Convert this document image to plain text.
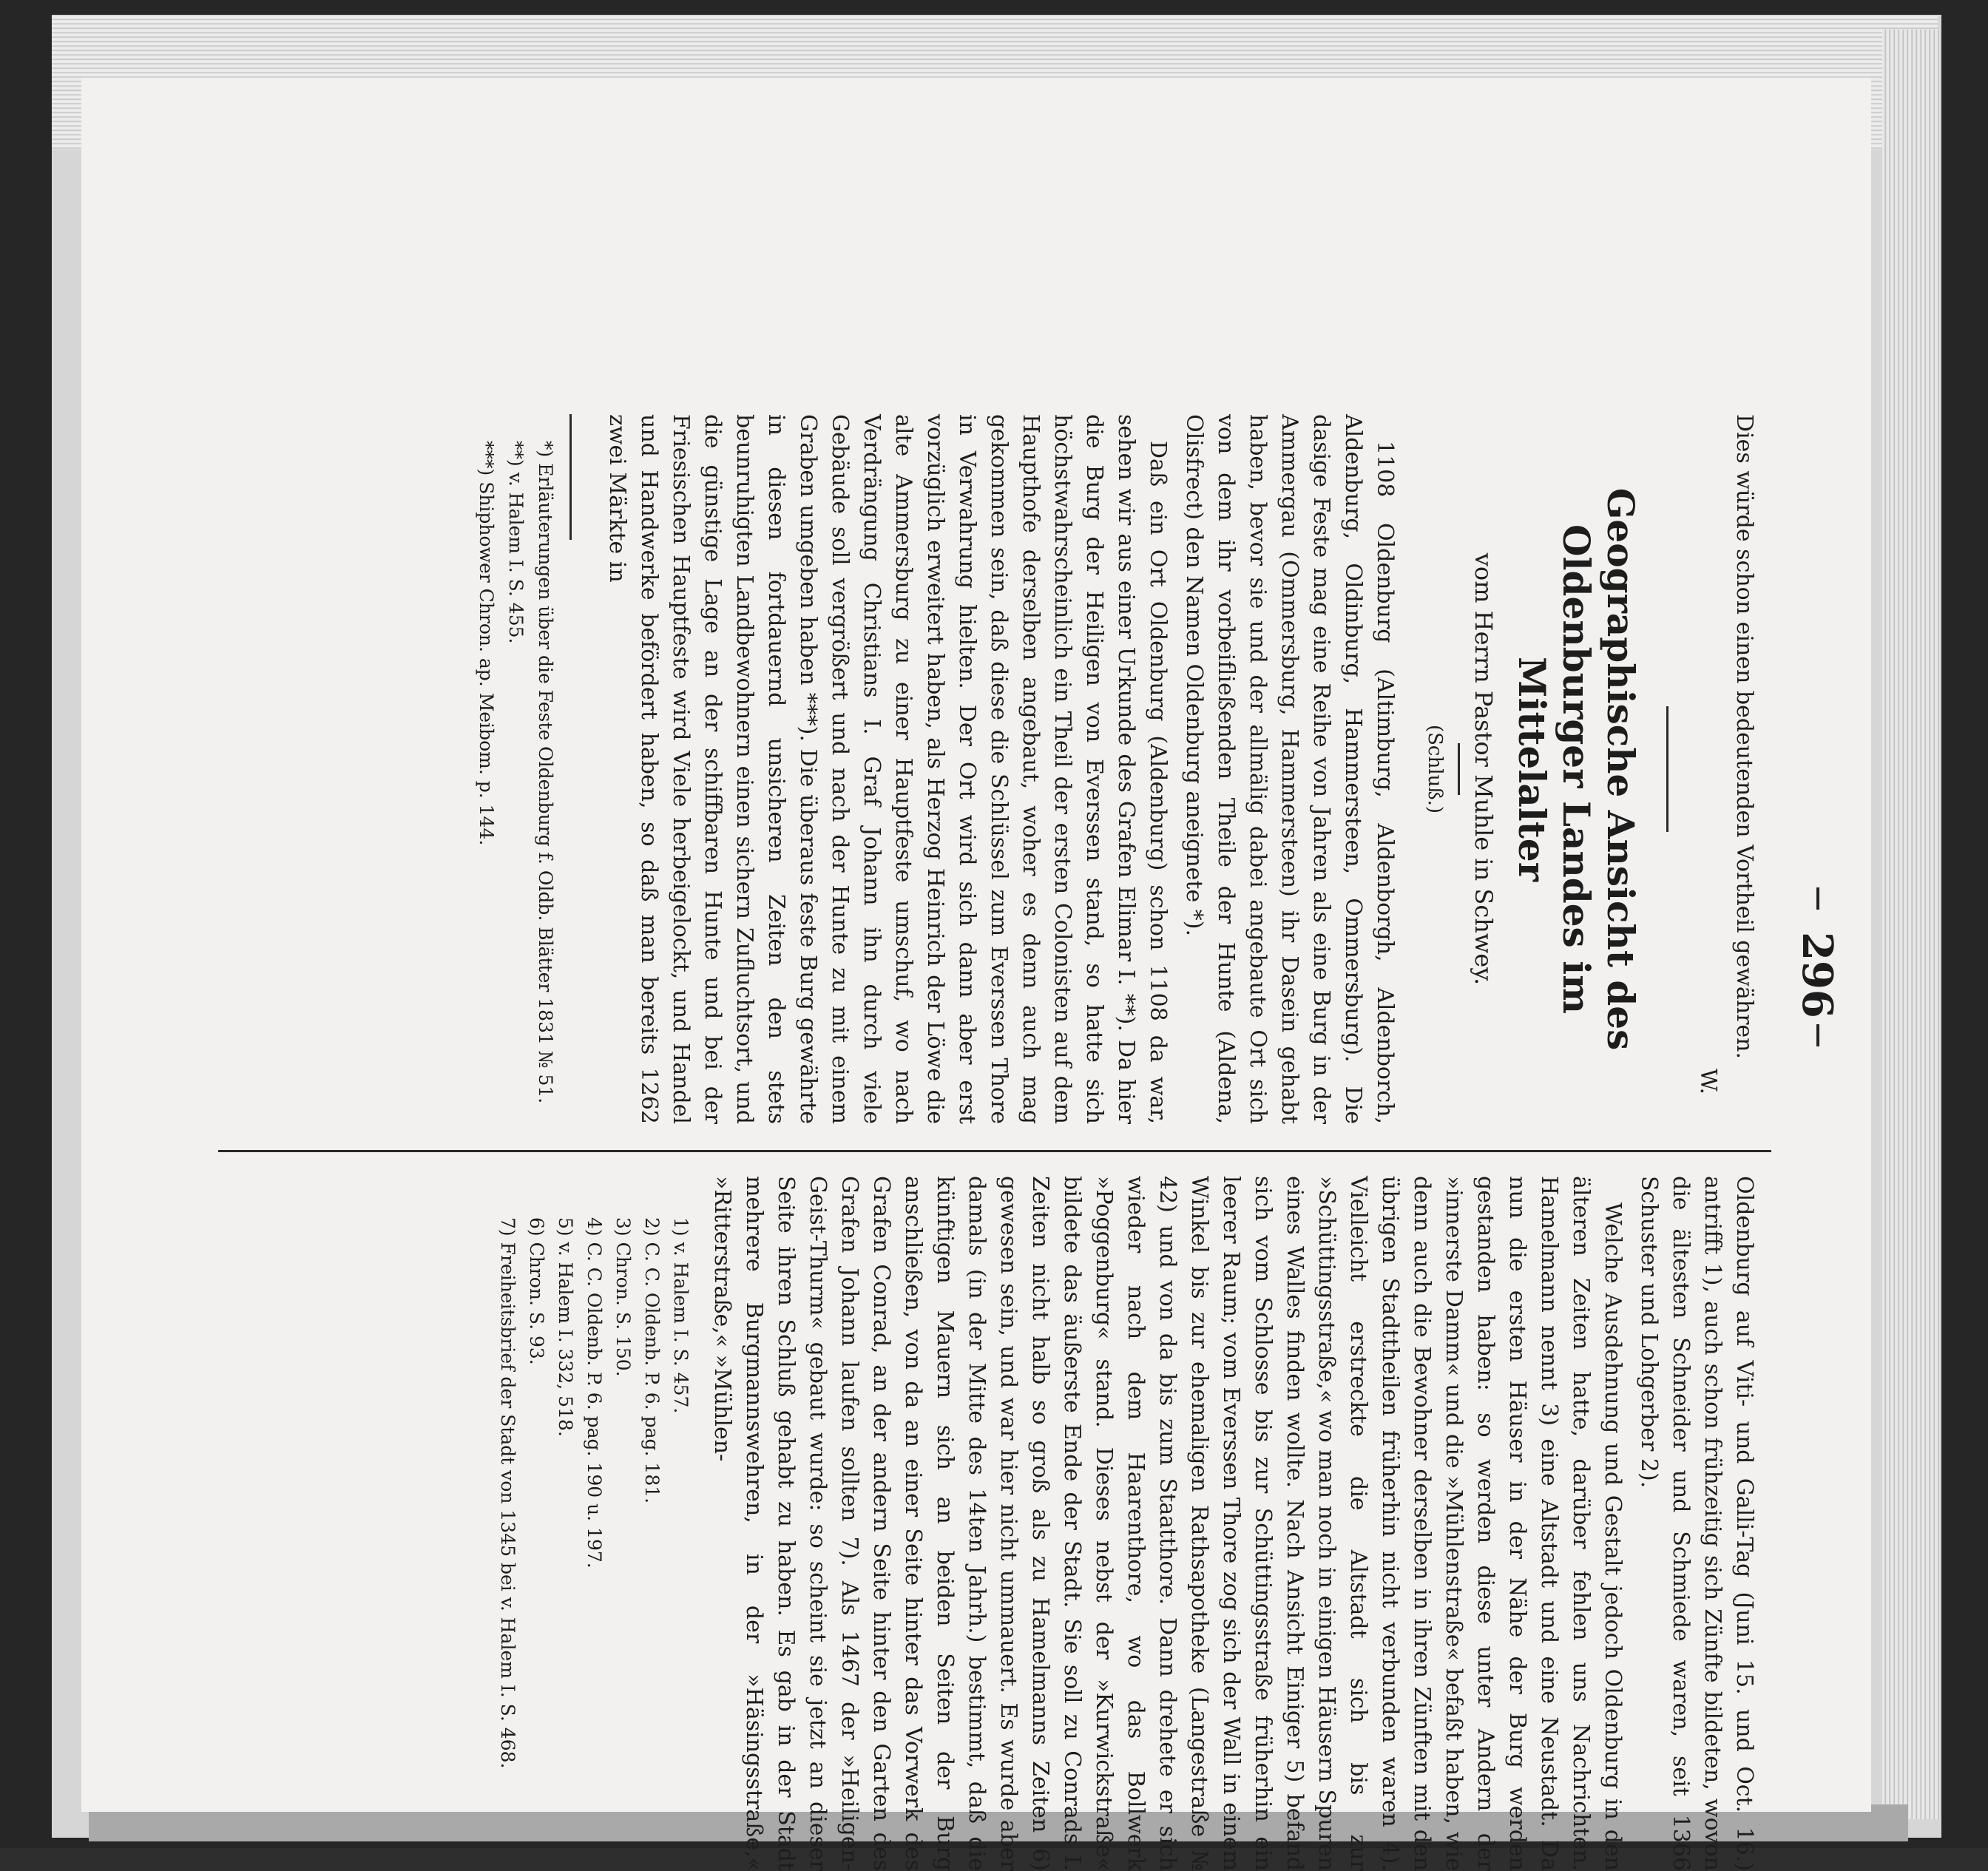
296

Dies würde schon einen bedeutenden Vortheil gewähren.

W.
Geographische Ansicht des Oldenburger Landes im Mittelalter
vom Herrn Pastor Muhle in Schwey.
(Schluß.)

1108 Oldenburg (Altimburg, Aldenborgh, Aldenborch, Aldenburg, Oldinburg, Hammersteen, Ommersburg). Die dasige Feste mag eine Reihe von Jahren als eine Burg in der Ammergau (Ommersburg, Hammersteen) ihr Dasein gehabt haben, bevor sie und der allmälig dabei angebaute Ort sich von dem ihr vorbeifließenden Theile der Hunte (Aldena, Olisfrect) den Namen Oldenburg aneignete *).

Daß ein Ort Oldenburg (Aldenburg) schon 1108 da war, sehen wir aus einer Urkunde des Grafen Elimar I. **). Da hier die Burg der Heiligen von Everssen stand, so hatte sich höchstwahrscheinlich ein Theil der ersten Colonisten auf dem Haupthofe derselben angebaut, woher es denn auch mag gekommen sein, daß diese die Schlüssel zum Everssen Thore in Verwahrung hielten. Der Ort wird sich dann aber erst vorzüglich erweitert haben, als Herzog Heinrich der Löwe die alte Ammersburg zu einer Hauptfeste umschuf, wo nach Verdrängung Christians I. Graf Johann ihn durch viele Gebäude soll vergrößert und nach der Hunte zu mit einem Graben umgeben haben ***). Die überaus feste Burg gewährte in diesen fortdauernd unsicheren Zeiten den stets beunruhigten Landbewohnern einen sichern Zufluchtsort, und die günstige Lage an der schiffbaren Hunte und bei der Friesischen Hauptfeste wird Viele herbeigelockt, und Handel und Handwerke befördert haben, so daß man bereits 1262 zwei Märkte in

*) Erläuterungen über die Feste Oldenburg f. Oldb. Blätter 1831 № 51.

**) v. Halem I. S. 455.

***) Shiphower Chron. ap. Meibom. p. 144.

Oldenburg auf Viti- und Galli-Tag (Juni 15. und Oct. 16.) antrifft 1), auch schon frühzeitig sich Zünfte bildeten, wovon die ältesten Schneider und Schmiede waren, seit 1366 Schuster und Lohgerber 2).

Welche Ausdehnung und Gestalt jedoch Oldenburg in den älteren Zeiten hatte, darüber fehlen uns Nachrichten. Hamelmann nennt 3) eine Altstadt und eine Neustadt. Da nun die ersten Häuser in der Nähe der Burg werden gestanden haben: so werden diese unter Andern der »innerste Damm« und die »Mühlenstraße« befaßt haben, wie denn auch die Bewohner derselben in ihren Zünften mit den übrigen Stadttheilen früherhin nicht verbunden waren 4). Vielleicht erstreckte die Altstadt sich bis zur »Schüttingsstraße,« wo man noch in einigen Häusern Spuren eines Walles finden wollte. Nach Ansicht Einiger 5) befand sich vom Schlosse bis zur Schüttingsstraße früherhin ein leerer Raum; vom Everssen Thore zog sich der Wall in einem Winkel bis zur ehemaligen Rathsapotheke (Langestraße № 42) und von da bis zum Staatthore. Dann drehete er sich wieder nach dem Haarenthore, wo das Bollwerk »Poggenburg« stand. Dieses nebst der »Kurwickstraße« bildete das äußerste Ende der Stadt. Sie soll zu Conrads I. Zeiten nicht halb so groß als zu Hamelmanns Zeiten 6) gewesen sein, und war hier nicht ummauert. Es wurde aber damals (in der Mitte des 14ten Jahrh.) bestimmt, daß die künftigen Mauern sich an beiden Seiten der Burg anschließen, von da an einer Seite hinter das Vorwerk des Grafen Conrad, an der andern Seite hinter den Garten des Grafen Johann laufen sollten 7). Als 1467 der »Heiligen-Geist-Thurm« gebaut wurde: so scheint sie jetzt an dieser Seite ihren Schluß gehabt zu haben. Es gab in der Stadt mehrere Burgmannswehren, in der »Häsingsstraße,« »Ritterstraße,« »Mühlen-

1) v. Halem I. S. 457.

2) C. C. Oldenb. P. 6. pag. 181.

3) Chron. S. 150.

4) C. C. Oldenb. P. 6. pag. 190 u. 197.

5) v. Halem I. 332, 518.

6) Chron. S. 93.

7) Freiheitsbrief der Stadt von 1345 bei v. Halem I. S. 468.
